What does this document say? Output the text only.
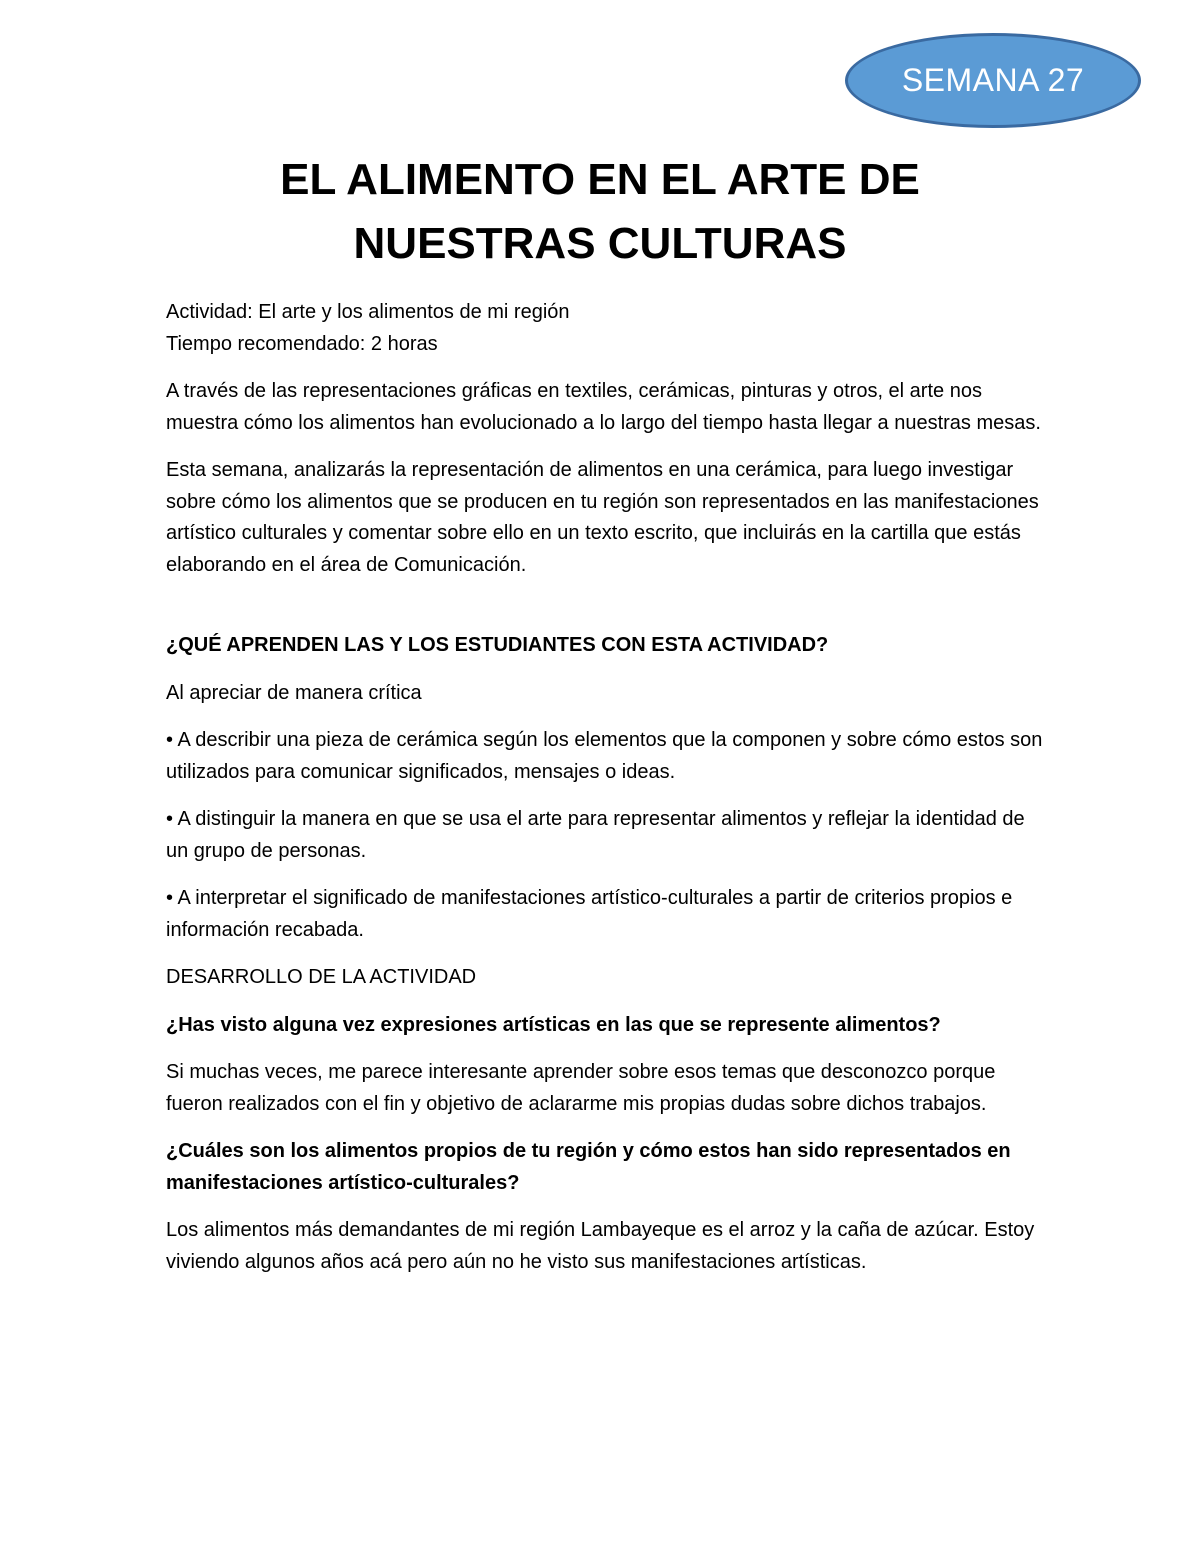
SEMANA 27
EL ALIMENTO EN EL ARTE DE
NUESTRAS CULTURAS

Actividad: El arte y los alimentos de mi región

Tiempo recomendado: 2 horas

A través de las representaciones gráficas en textiles, cerámicas, pinturas y otros, el arte nos muestra cómo los alimentos han evolucionado a lo largo del tiempo hasta llegar a nuestras mesas.

Esta semana, analizarás la representación de alimentos en una cerámica, para luego investigar sobre cómo los alimentos que se producen en tu región son representados en las manifestaciones artístico culturales y comentar sobre ello en un texto escrito, que incluirás en la cartilla que estás elaborando en el área de Comunicación.

¿QUÉ APRENDEN LAS Y LOS ESTUDIANTES CON ESTA ACTIVIDAD?

Al apreciar de manera crítica

• A describir una pieza de cerámica según los elementos que la componen y sobre cómo estos son utilizados para comunicar significados, mensajes o ideas.

• A distinguir la manera en que se usa el arte para representar alimentos y reflejar la identidad de un grupo de personas.

• A interpretar el significado de manifestaciones artístico-culturales a partir de criterios propios e información recabada.

DESARROLLO DE LA ACTIVIDAD

¿Has visto alguna vez expresiones artísticas en las que se represente alimentos?

Si muchas veces, me parece interesante aprender sobre esos temas que desconozco porque fueron realizados con el fin y objetivo de aclararme mis propias dudas sobre dichos trabajos.

¿Cuáles son los alimentos propios de tu región y cómo estos han sido representados en manifestaciones artístico-culturales?

Los alimentos más demandantes de mi región Lambayeque es el arroz y la caña de azúcar. Estoy viviendo algunos años acá pero aún no he visto sus manifestaciones artísticas.
